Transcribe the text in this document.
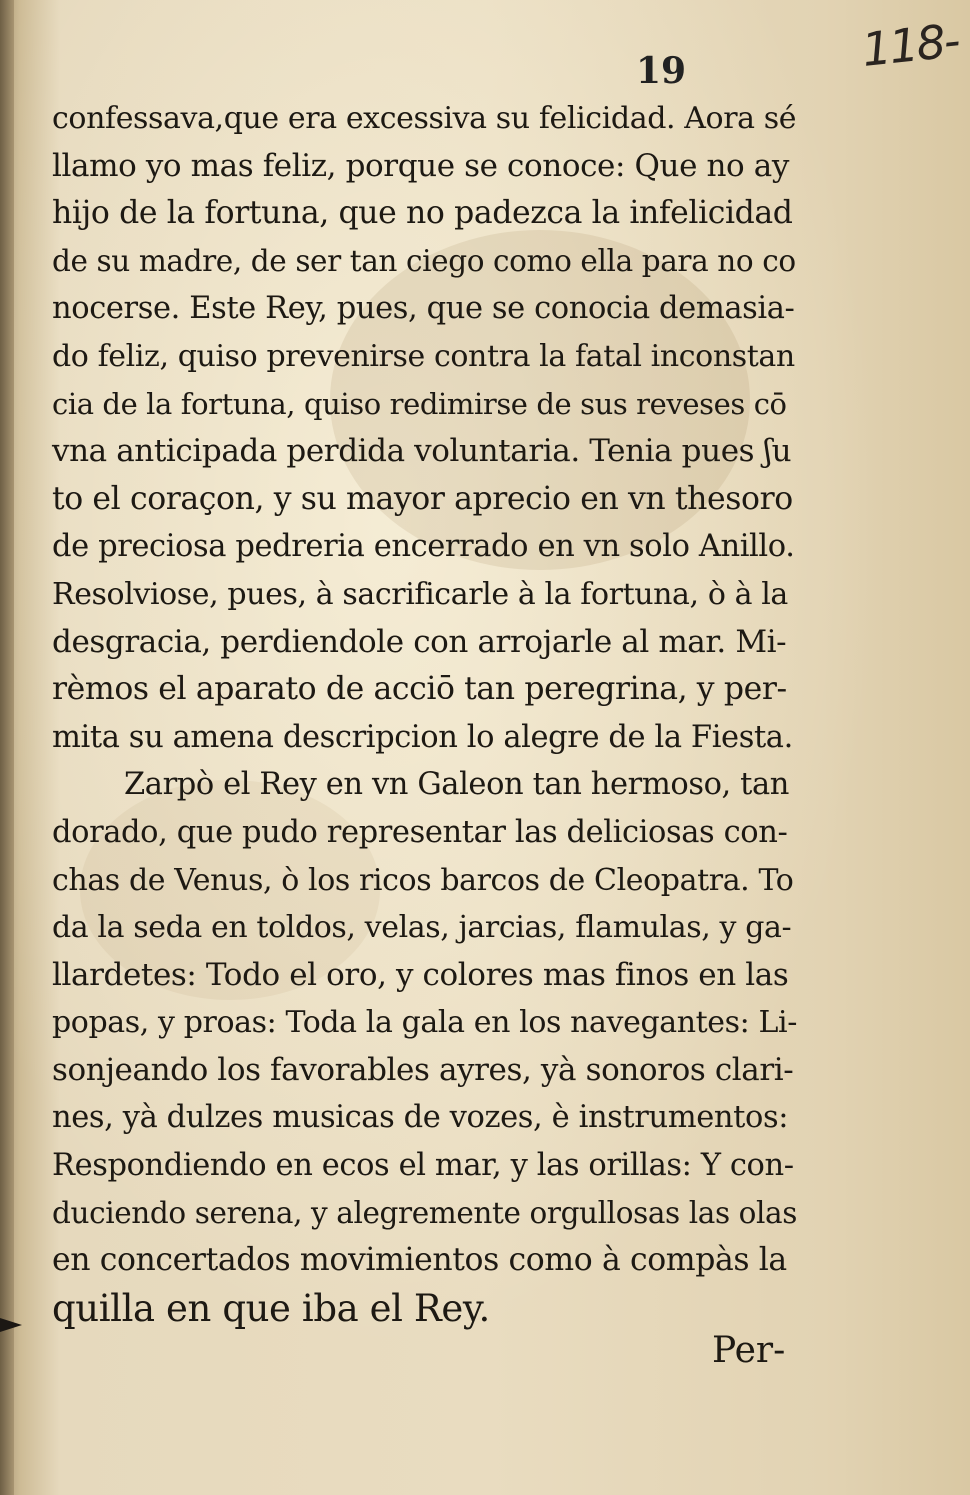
118-
19
confessava,que era excessiva su felicidad. Aora sé
llamo yo mas feliz, porque se conoce: Que no ay
hijo de la fortuna, que no padezca la infelicidad
de su madre, de ser tan ciego como ella para no co
nocerse. Este Rey, pues, que se conocia demasia-
do feliz, quiso prevenirse contra la fatal inconstan
cia de la fortuna, quiso redimirse de sus reveses cō
vna anticipada perdida voluntaria. Tenia pues ʃu
to el coraçon, y su mayor aprecio en vn thesoro
de preciosa pedreria encerrado en vn solo Anillo.
Resolviose, pues, à sacrificarle à la fortuna, ò à la
desgracia, perdiendole con arrojarle al mar. Mi-
rèmos el aparato de acciō tan peregrina, y per-
mita su amena descripcion lo alegre de la Fiesta.
Zarpò el Rey en vn Galeon tan hermoso, tan
dorado, que pudo representar las deliciosas con-
chas de Venus, ò los ricos barcos de Cleopatra. To
da la seda en toldos, velas, jarcias, flamulas, y ga-
llardetes: Todo el oro, y colores mas finos en las
popas, y proas: Toda la gala en los navegantes: Li-
sonjeando los favorables ayres, yà sonoros clari-
nes, yà dulzes musicas de vozes, è instrumentos:
Respondiendo en ecos el mar, y las orillas: Y con-
duciendo serena, y alegremente orgullosas las olas
en concertados movimientos como à compàs la
quilla en que iba el Rey.
Per-
